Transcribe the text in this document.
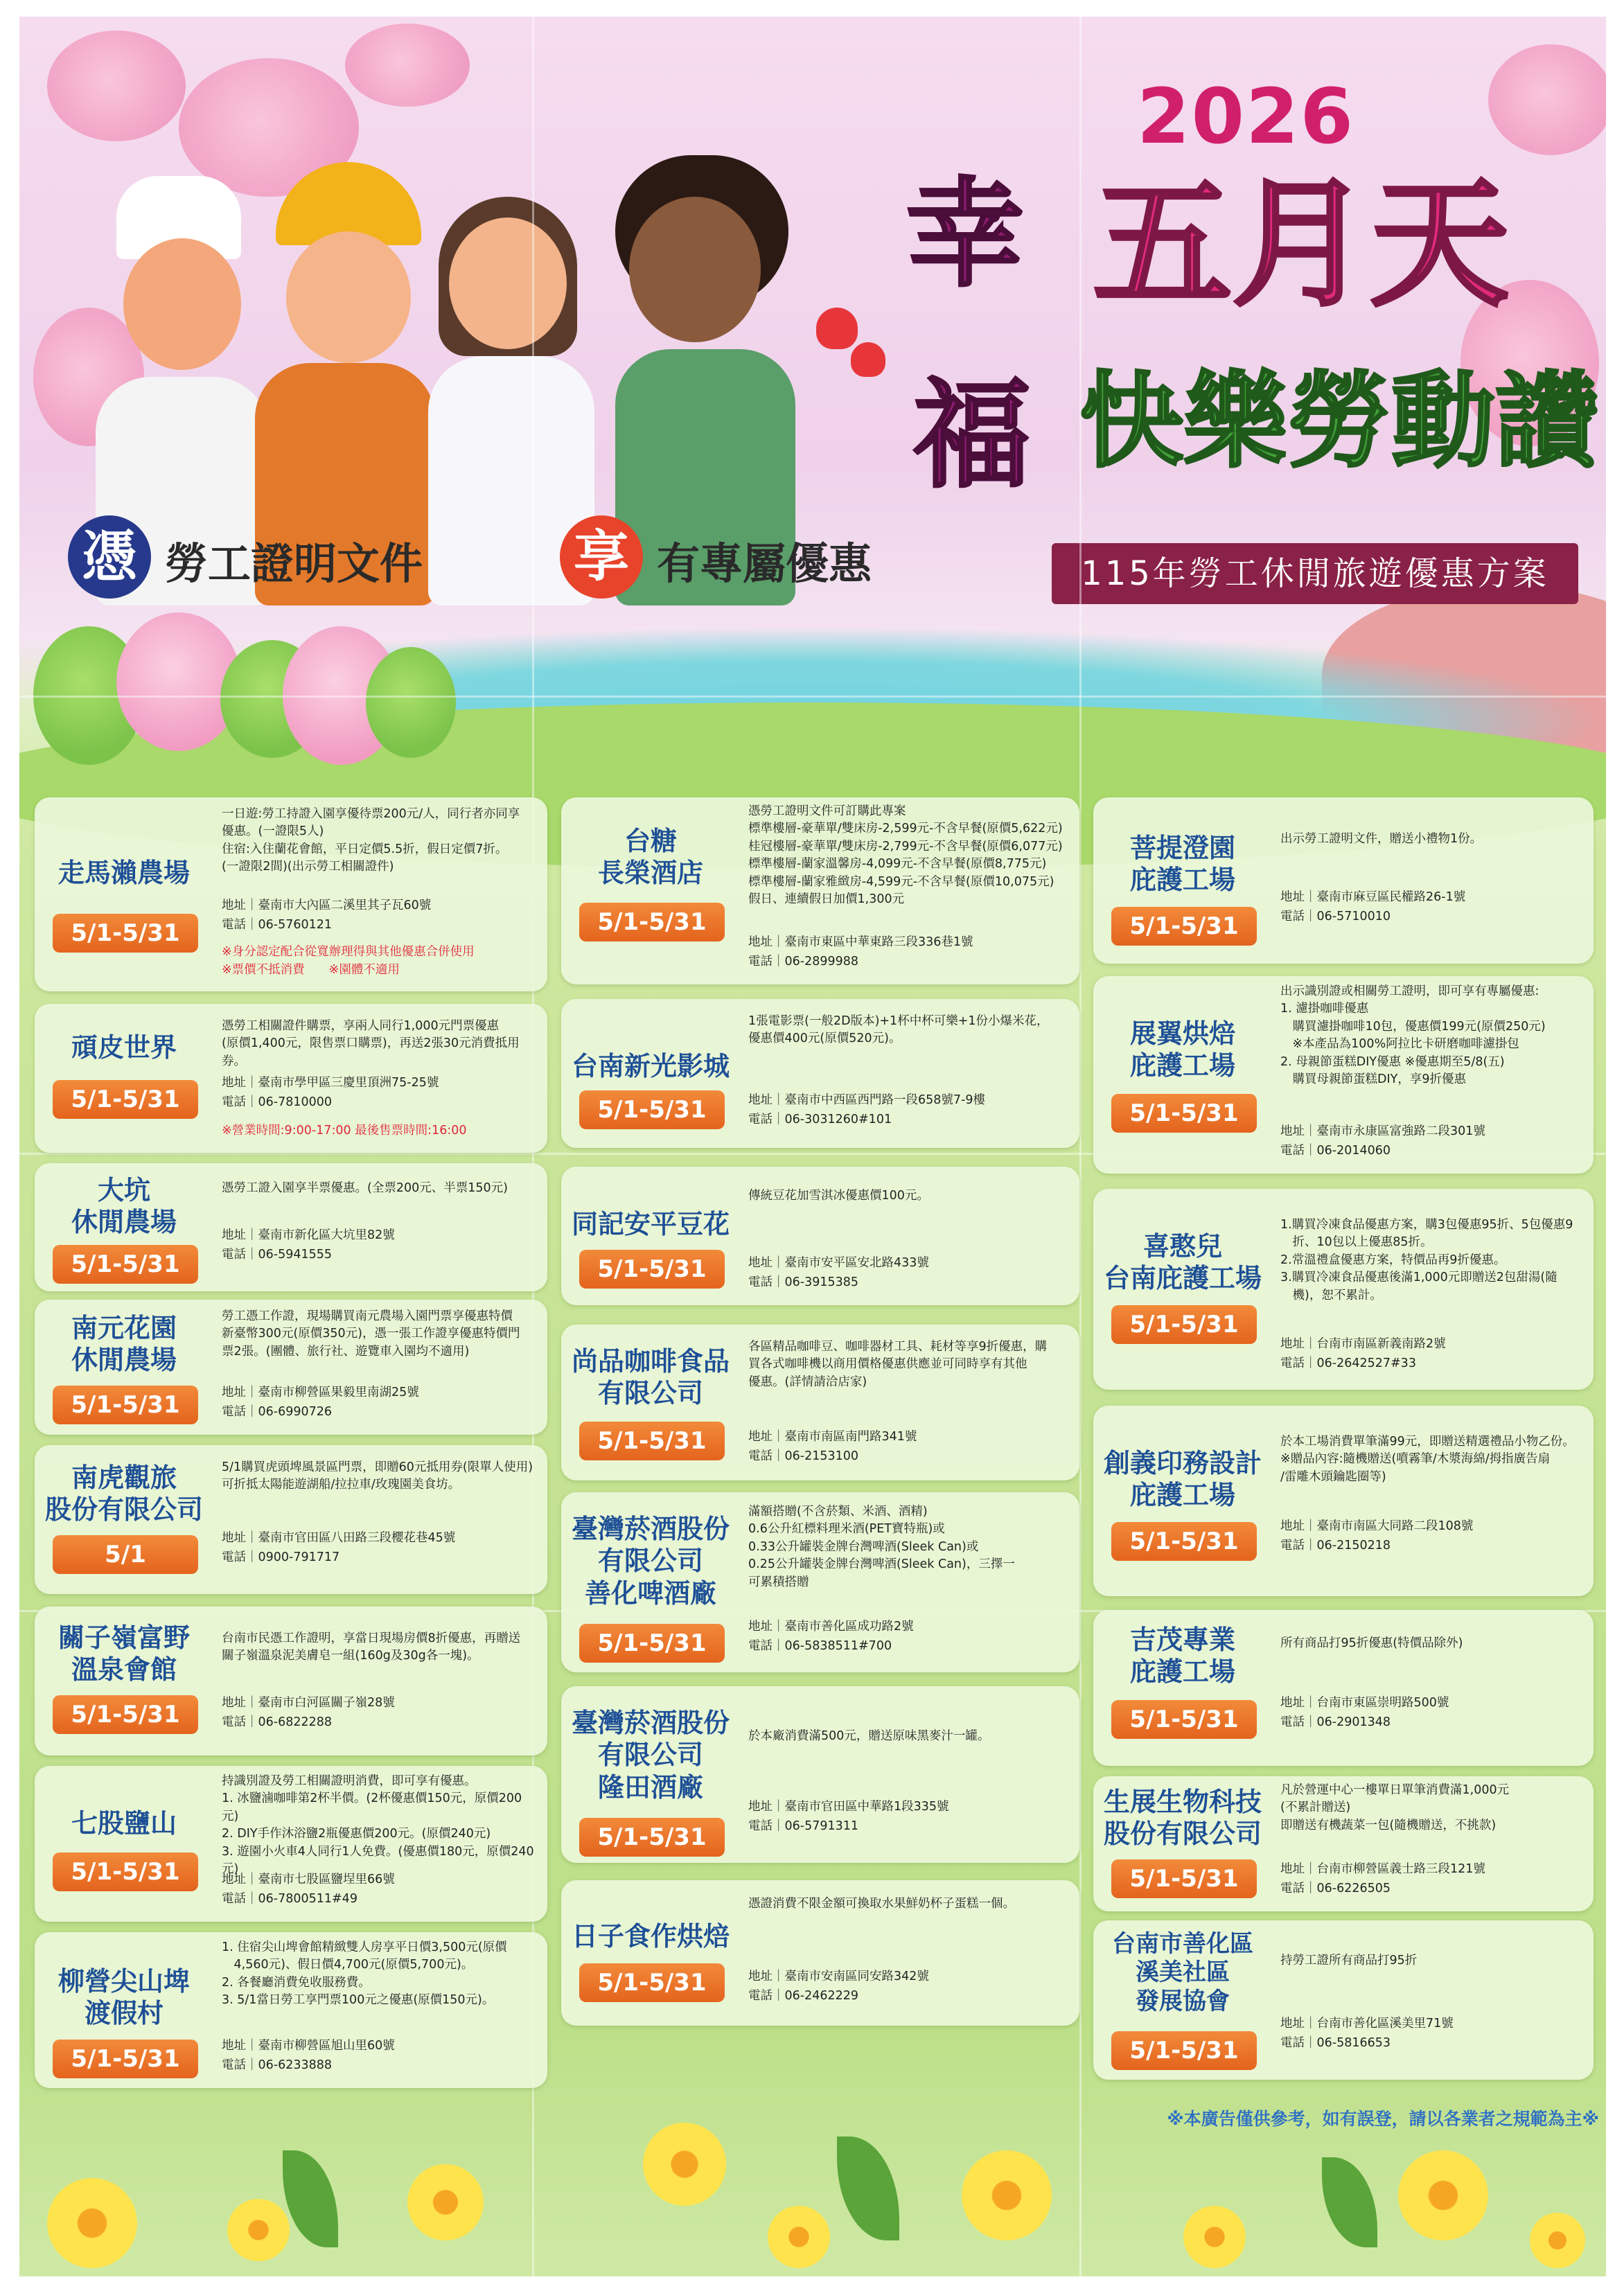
2026
五月天
快樂勞動讚
115年勞工休閒旅遊優惠方案
幸
福
憑 勞工證明文件	享 有專屬優惠
走馬瀨農場
5/1-5/31
一日遊:勞工持證入園享優待票200元/人，同行者亦同享
優惠。(一證限5人)
住宿:入住蘭花會館，平日定價5.5折，假日定價7折。
(一證限2間)(出示勞工相關證件)
地址｜臺南市大內區二溪里其子瓦60號
電話｜06-5760121
※身分認定配合從寬辦理得與其他優惠合併使用
※票價不抵消費　　※園體不適用
頑皮世界
5/1-5/31
憑勞工相關證件購票，享兩人同行1,000元門票優惠
(原價1,400元，限售票口購票)，再送2張30元消費抵用券。
地址｜臺南市學甲區三慶里頂洲75-25號
電話｜06-7810000
※營業時間:9:00-17:00 最後售票時間:16:00
大坑
休閒農場
5/1-5/31
憑勞工證入園享半票優惠。(全票200元、半票150元)
地址｜臺南市新化區大坑里82號
電話｜06-5941555
南元花園
休閒農場
5/1-5/31
勞工憑工作證，現場購買南元農場入園門票享優惠特價
新臺幣300元(原價350元)，憑一張工作證享優惠特價門
票2張。(團體、旅行社、遊覽車入園均不適用)
地址｜臺南市柳營區果毅里南湖25號
電話｜06-6990726
南虎觀旅
股份有限公司
5/1
5/1購買虎頭埤風景區門票，即贈60元抵用券(限單人使用)
可折抵太陽能遊湖船/拉拉車/玫瑰園美食坊。
地址｜臺南市官田區八田路三段櫻花巷45號
電話｜0900-791717
關子嶺富野
溫泉會館
5/1-5/31
台南市民憑工作證明，享當日現場房價8折優惠，再贈送
關子嶺溫泉泥美膚皂一組(160g及30g各一塊)。
地址｜臺南市白河區關子嶺28號
電話｜06-6822288
七股鹽山
5/1-5/31
持識別證及勞工相關證明消費，即可享有優惠。
1. 冰鹽滷咖啡第2杯半價。(2杯優惠價150元，原價200元)
2. DIY手作沐浴鹽2瓶優惠價200元。(原價240元)
3. 遊園小火車4人同行1人免費。(優惠價180元，原價240元)
地址｜臺南市七股區鹽埕里66號
電話｜06-7800511#49
柳營尖山埤
渡假村
5/1-5/31
1. 住宿尖山埤會館精緻雙人房享平日價3,500元(原價
　4,560元)、假日價4,700元(原價5,700元)。
2. 各餐廳消費免收服務費。
3. 5/1當日勞工享門票100元之優惠(原價150元)。
地址｜臺南市柳營區旭山里60號
電話｜06-6233888
台糖
長榮酒店
5/1-5/31
憑勞工證明文件可訂購此專案
標準樓層-豪華單/雙床房-2,599元-不含早餐(原價5,622元)
桂冠樓層-豪華單/雙床房-2,799元-不含早餐(原價6,077元)
標準樓層-蘭家溫馨房-4,099元-不含早餐(原價8,775元)
標準樓層-蘭家雅緻房-4,599元-不含早餐(原價10,075元)
假日、連續假日加價1,300元
地址｜臺南市東區中華東路三段336巷1號
電話｜06-2899988
台南新光影城
5/1-5/31
1張電影票(一般2D版本)+1杯中杯可樂+1份小爆米花，
優惠價400元(原價520元)。
地址｜臺南市中西區西門路一段658號7-9樓
電話｜06-3031260#101
同記安平豆花
5/1-5/31
傳統豆花加雪淇冰優惠價100元。
地址｜臺南市安平區安北路433號
電話｜06-3915385
尚品咖啡食品
有限公司
5/1-5/31
各區精品咖啡豆、咖啡器材工具、耗材等享9折優惠，購
買各式咖啡機以商用價格優惠供應並可同時享有其他
優惠。(詳情請洽店家)
地址｜臺南市南區南門路341號
電話｜06-2153100
臺灣菸酒股份
有限公司
善化啤酒廠
5/1-5/31
滿額搭贈(不含菸類、米酒、酒精)
0.6公升紅標料理米酒(PET寶特瓶)或
0.33公升罐裝金牌台灣啤酒(Sleek Can)或
0.25公升罐裝金牌台灣啤酒(Sleek Can)，三擇一
可累積搭贈
地址｜臺南市善化區成功路2號
電話｜06-5838511#700
臺灣菸酒股份
有限公司
隆田酒廠
5/1-5/31
於本廠消費滿500元，贈送原味黑麥汁一罐。
地址｜臺南市官田區中華路1段335號
電話｜06-5791311
日子食作烘焙
5/1-5/31
憑證消費不限金額可換取水果鮮奶杯子蛋糕一個。
地址｜臺南市安南區同安路342號
電話｜06-2462229
菩提澄園
庇護工場
5/1-5/31
出示勞工證明文件，贈送小禮物1份。
地址｜臺南市麻豆區民權路26-1號
電話｜06-5710010
展翼烘焙
庇護工場
5/1-5/31
出示識別證或相關勞工證明，即可享有專屬優惠:
1. 濾掛咖啡優惠
　購買濾掛咖啡10包，優惠價199元(原價250元)
　※本產品為100%阿拉比卡研磨咖啡濾掛包
2. 母親節蛋糕DIY優惠 ※優惠期至5/8(五)
　購買母親節蛋糕DIY，享9折優惠
地址｜臺南市永康區富強路二段301號
電話｜06-2014060
喜憨兒
台南庇護工場
5/1-5/31
1.購買冷凍食品優惠方案，購3包優惠95折、5包優惠9
　折、10包以上優惠85折。
2.常溫禮盒優惠方案，特價品再9折優惠。
3.購買冷凍食品優惠後滿1,000元即贈送2包甜湯(隨
　機)，恕不累計。
地址｜台南市南區新義南路2號
電話｜06-2642527#33
創義印務設計
庇護工場
5/1-5/31
於本工場消費單筆滿99元，即贈送精選禮品小物乙份。
※贈品內容:隨機贈送(噴霧筆/木漿海綿/拇指廣告扇
/雷雕木頭鑰匙圈等)
地址｜臺南市南區大同路二段108號
電話｜06-2150218
吉茂專業
庇護工場
5/1-5/31
所有商品打95折優惠(特價品除外)
地址｜台南市東區崇明路500號
電話｜06-2901348
生展生物科技
股份有限公司
5/1-5/31
凡於營運中心一樓單日單筆消費滿1,000元
(不累計贈送)
即贈送有機蔬菜一包(隨機贈送，不挑款)
地址｜台南市柳營區義士路三段121號
電話｜06-6226505
台南市善化區
溪美社區
發展協會
5/1-5/31
持勞工證所有商品打95折
地址｜台南市善化區溪美里71號
電話｜06-5816653
※本廣告僅供參考，如有誤登，請以各業者之規範為主※
